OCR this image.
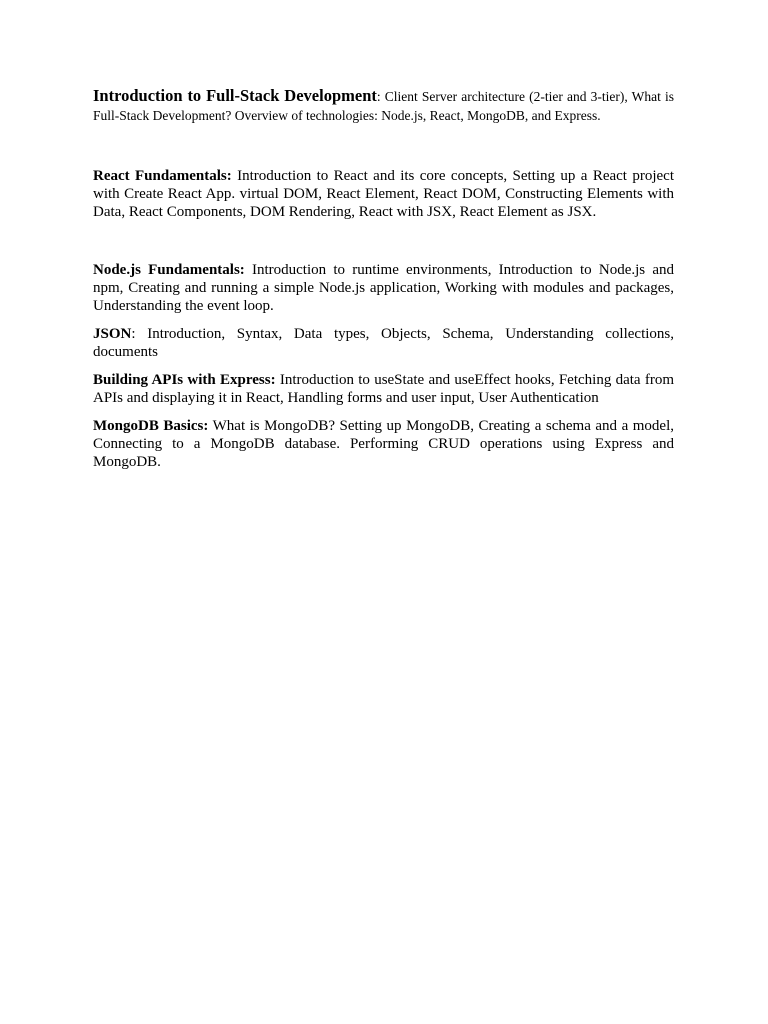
Introduction to Full-Stack Development: Client Server architecture (2-tier and 3-tier), What is Full-Stack Development? Overview of technologies: Node.js, React, MongoDB, and Express.

React Fundamentals: Introduction to React and its core concepts, Setting up a React project with Create React App. virtual DOM, React Element, React DOM, Constructing Elements with Data, React Components, DOM Rendering, React with JSX, React Element as JSX.

Node.js Fundamentals: Introduction to runtime environments, Introduction to Node.js and npm, Creating and running a simple Node.js application, Working with modules and packages, Understanding the event loop.

JSON: Introduction, Syntax, Data types, Objects, Schema, Understanding collections, documents

Building APIs with Express: Introduction to useState and useEffect hooks, Fetching data from APIs and displaying it in React, Handling forms and user input, User Authentication

MongoDB Basics: What is MongoDB? Setting up MongoDB, Creating a schema and a model, Connecting to a MongoDB database. Performing CRUD operations using Express and MongoDB.
